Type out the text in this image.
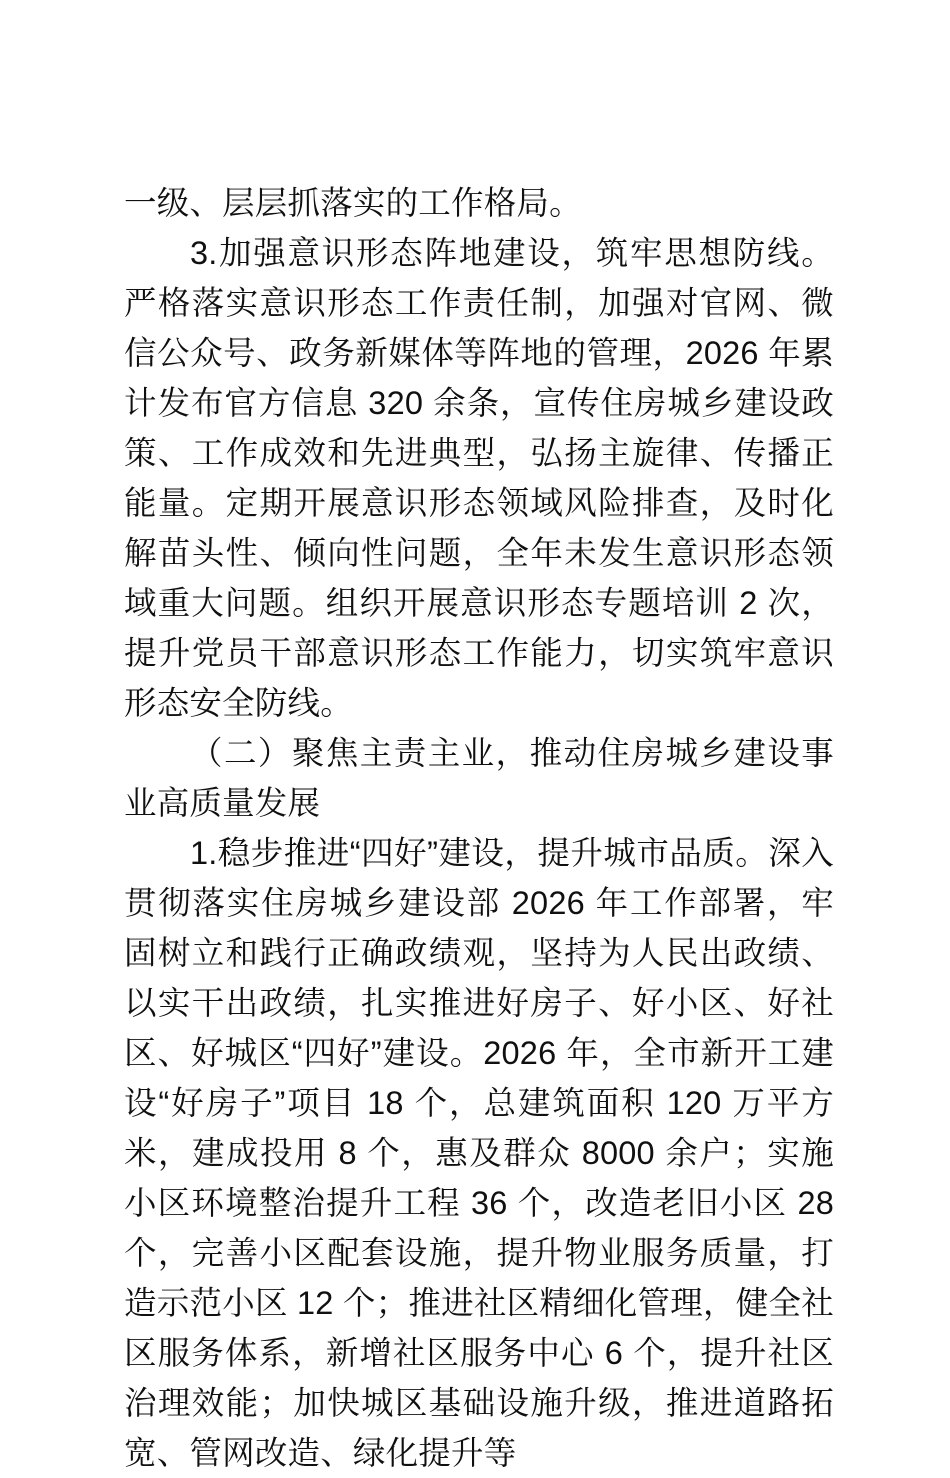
一级、层层抓落实的工作格局。

3.加强意识形态阵地建设，筑牢思想防线。严格落实意识形态工作责任制，加强对官网、微信公众号、政务新媒体等阵地的管理，2026 年累计发布官方信息 320 余条，宣传住房城乡建设政策、工作成效和先进典型，弘扬主旋律、传播正能量。定期开展意识形态领域风险排查，及时化解苗头性、倾向性问题，全年未发生意识形态领域重大问题。组织开展意识形态专题培训 2 次，提升党员干部意识形态工作能力，切实筑牢意识形态安全防线。

（二）聚焦主责主业，推动住房城乡建设事业高质量发展

1.稳步推进“四好”建设，提升城市品质。深入贯彻落实住房城乡建设部 2026 年工作部署，牢固树立和践行正确政绩观，坚持为人民出政绩、以实干出政绩，扎实推进好房子、好小区、好社区、好城区“四好”建设。2026 年，全市新开工建设“好房子”项目 18 个，总建筑面积 120 万平方米，建成投用 8 个，惠及群众 8000 余户；实施小区环境整治提升工程 36 个，改造老旧小区 28 个，完善小区配套设施，提升物业服务质量，打造示范小区 12 个；推进社区精细化管理，健全社区服务体系，新增社区服务中心 6 个，提升社区治理效能；加快城区基础设施升级，推进道路拓宽、管网改造、绿化提升等
